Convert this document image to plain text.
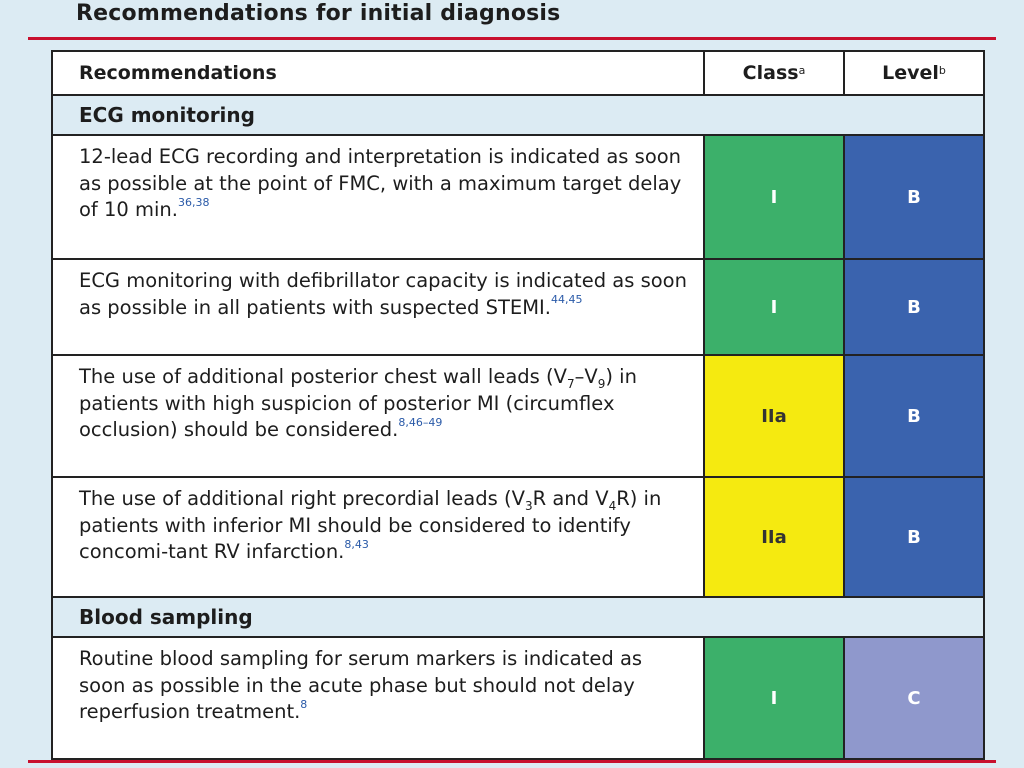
Recommendations for initial diagnosis
Recommendations	Class$^a$	Level$^b$
ECG monitoring
12-lead ECG recording and interpretation is indicated as soon as possible at the point of FMC, with a maximum target delay of 10 min.$^{36,38}$	I	B
ECG monitoring with defibrillator capacity is indicated as soon as possible in all patients with suspected STEMI.$^{44,45}$	I	B
The use of additional posterior chest wall leads $(V_7-V_9)$ in patients with high suspicion of posterior MI (circumflex occlusion) should be considered.$^{8,46-49}$	IIa	B
The use of additional right precordial leads ($V_3R$ and $V_4R$) in patients with inferior MI should be considered to identify concomi-tant RV infarction.$^{8,43}$	IIa	B
Blood sampling
Routine blood sampling for serum markers is indicated as soon as possible in the acute phase but should not delay reperfusion treatment.$^8$	I	C
